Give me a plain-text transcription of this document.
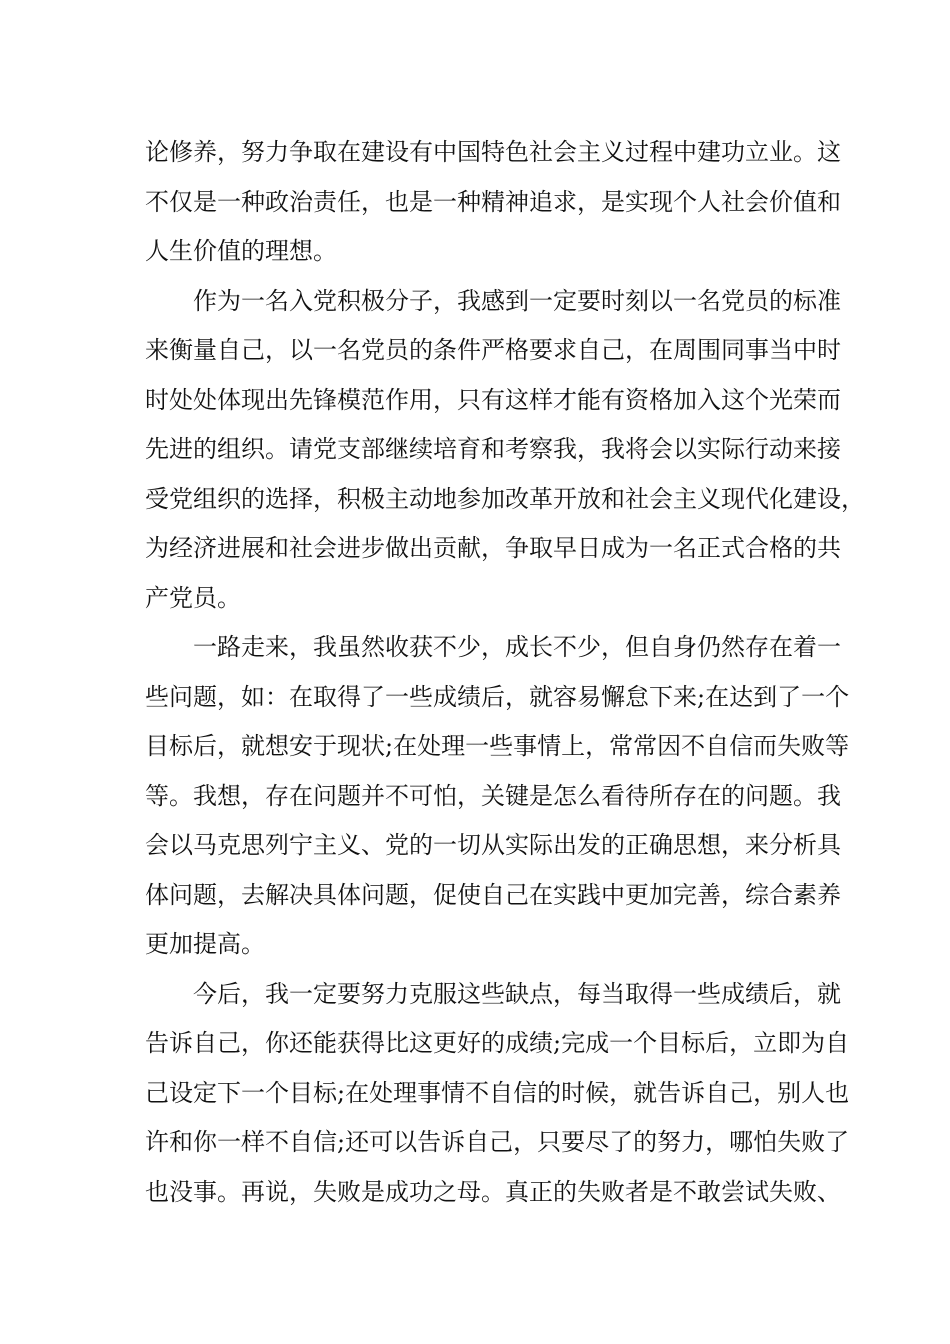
论修养，努力争取在建设有中国特色社会主义过程中建功立业。这
不仅是一种政治责任，也是一种精神追求，是实现个人社会价值和
人生价值的理想。
作为一名入党积极分子，我感到一定要时刻以一名党员的标准
来衡量自己，以一名党员的条件严格要求自己，在周围同事当中时
时处处体现出先锋模范作用，只有这样才能有资格加入这个光荣而
先进的组织。请党支部继续培育和考察我，我将会以实际行动来接
受党组织的选择，积极主动地参加改革开放和社会主义现代化建设，
为经济进展和社会进步做出贡献，争取早日成为一名正式合格的共
产党员。
一路走来，我虽然收获不少，成长不少，但自身仍然存在着一
些问题，如：在取得了一些成绩后，就容易懈怠下来;在达到了一个
目标后，就想安于现状;在处理一些事情上，常常因不自信而失败等
等。我想，存在问题并不可怕，关键是怎么看待所存在的问题。我
会以马克思列宁主义、党的一切从实际出发的正确思想，来分析具
体问题，去解决具体问题，促使自己在实践中更加完善，综合素养
更加提高。
今后，我一定要努力克服这些缺点，每当取得一些成绩后，就
告诉自己，你还能获得比这更好的成绩;完成一个目标后，立即为自
己设定下一个目标;在处理事情不自信的时候，就告诉自己，别人也
许和你一样不自信;还可以告诉自己，只要尽了的努力，哪怕失败了
也没事。再说，失败是成功之母。真正的失败者是不敢尝试失败、
